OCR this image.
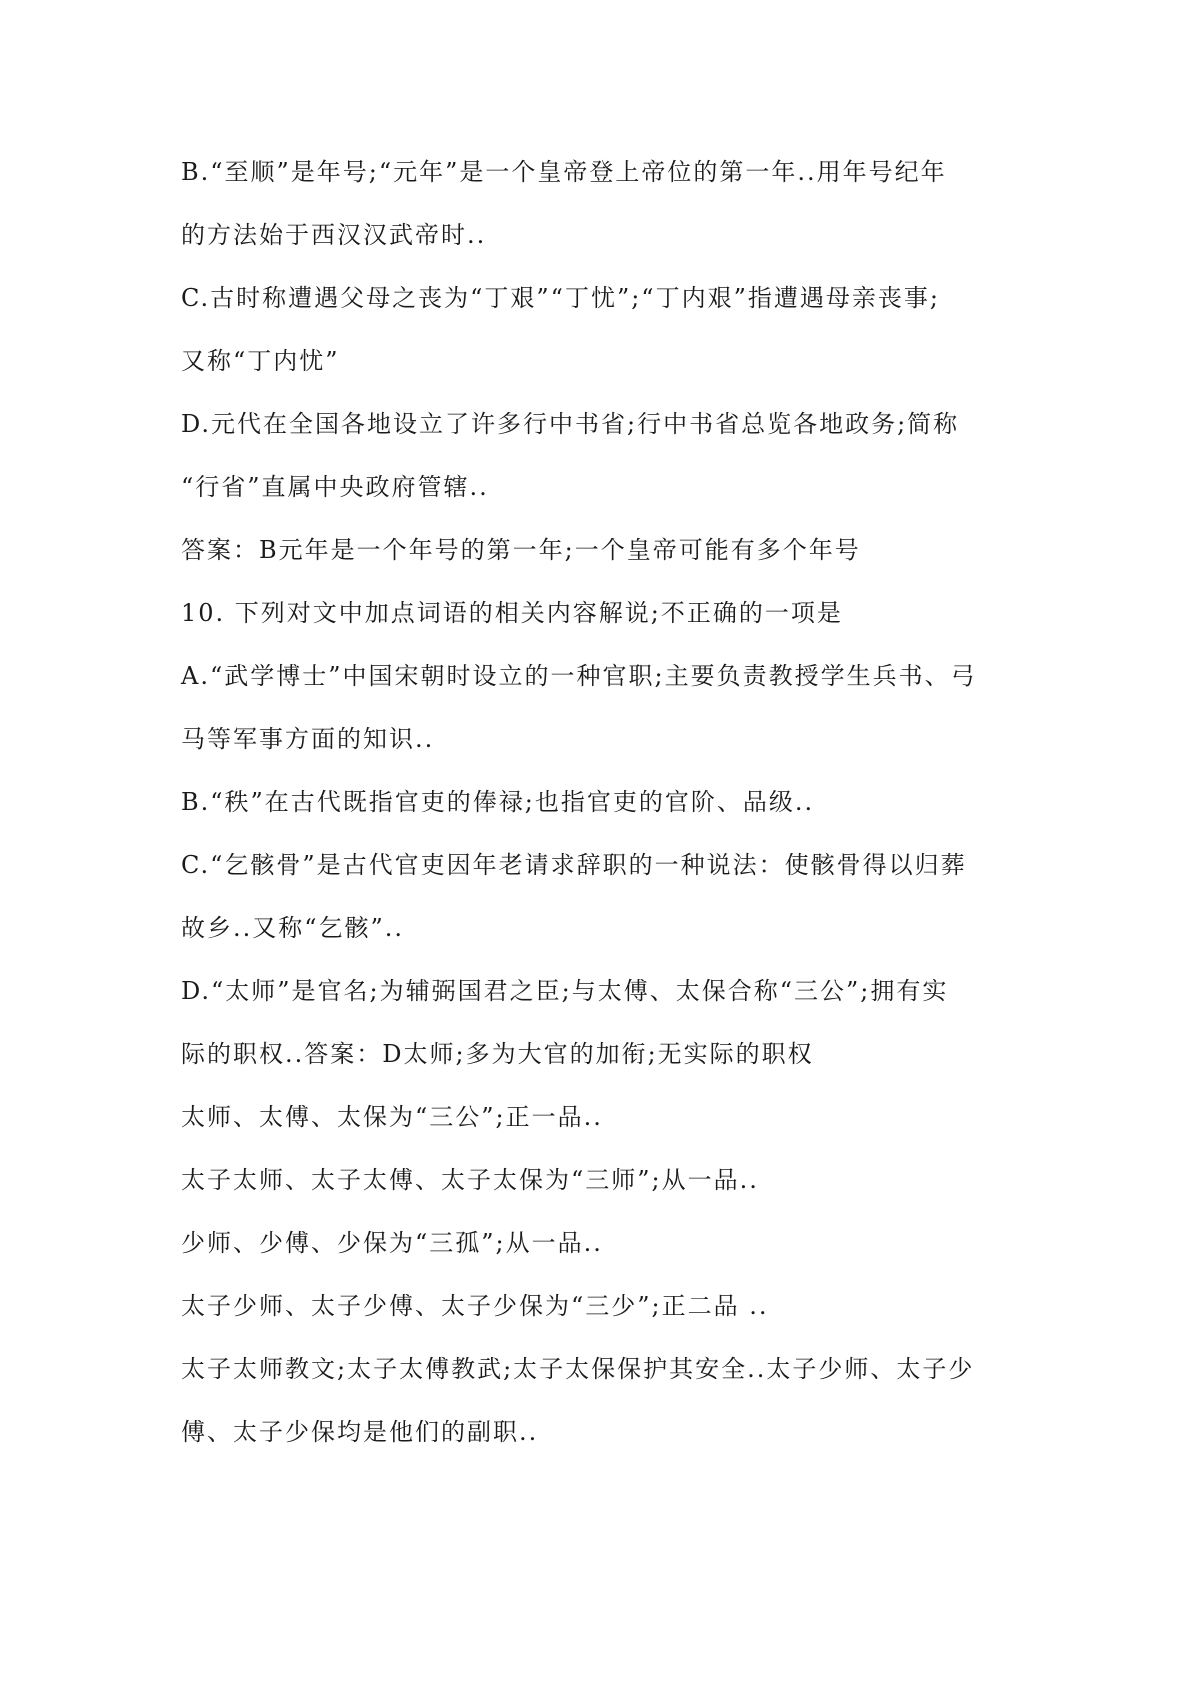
B.“至顺”是年号;“元年”是一个皇帝登上帝位的第一年..用年号纪年
的方法始于西汉汉武帝时..
C.古时称遭遇父母之丧为“丁艰”“丁忧”;“丁内艰”指遭遇母亲丧事;
又称“丁内忧”
D.元代在全国各地设立了许多行中书省;行中书省总览各地政务;简称
“行省”直属中央政府管辖..
答案：B元年是一个年号的第一年;一个皇帝可能有多个年号
10. 下列对文中加点词语的相关内容解说;不正确的一项是
A.“武学博士”中国宋朝时设立的一种官职;主要负责教授学生兵书、弓
马等军事方面的知识..
B.“秩”在古代既指官吏的俸禄;也指官吏的官阶、品级..
C.“乞骸骨”是古代官吏因年老请求辞职的一种说法：使骸骨得以归葬
故乡..又称“乞骸”..
D.“太师”是官名;为辅弼国君之臣;与太傅、太保合称“三公”;拥有实
际的职权..答案：D太师;多为大官的加衔;无实际的职权
太师、太傅、太保为“三公”;正一品..
太子太师、太子太傅、太子太保为“三师”;从一品..
少师、少傅、少保为“三孤”;从一品..
太子少师、太子少傅、太子少保为“三少”;正二品 ..
太子太师教文;太子太傅教武;太子太保保护其安全..太子少师、太子少
傅、太子少保均是他们的副职..
